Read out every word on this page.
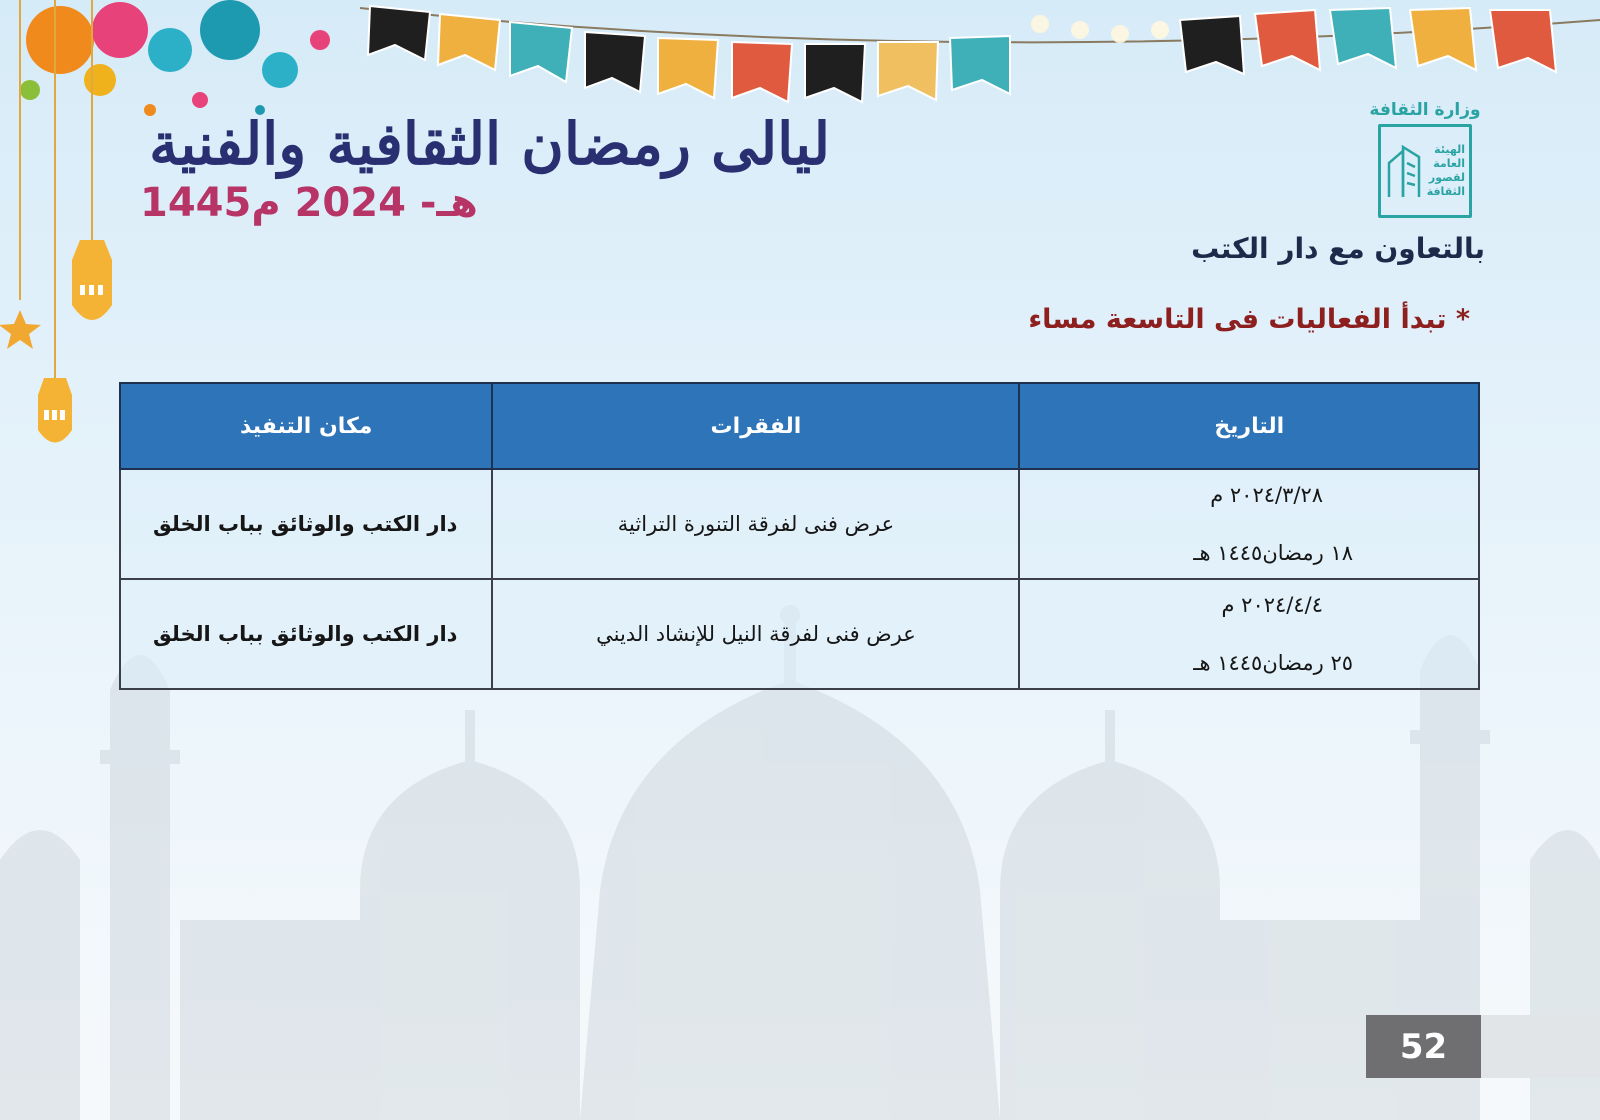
ليالى رمضان الثقافية والفنية
1445هـ- 2024 م
وزارة الثقافة
الهيئة
العامة
لقصور
الثقافة
بالتعاون مع دار الكتب
* تبدأ الفعاليات فى التاسعة مساء
التاريخ	الفقرات	مكان التنفيذ

٢٠٢٤/٣/٢٨ م
١٨ رمضان١٤٤٥ هـ	عرض فنى لفرقة التنورة التراثية	دار الكتب والوثائق بباب الخلق

٢٠٢٤/٤/٤ م
٢٥ رمضان١٤٤٥ هـ	عرض فنى لفرقة النيل للإنشاد الديني	دار الكتب والوثائق بباب الخلق
52
